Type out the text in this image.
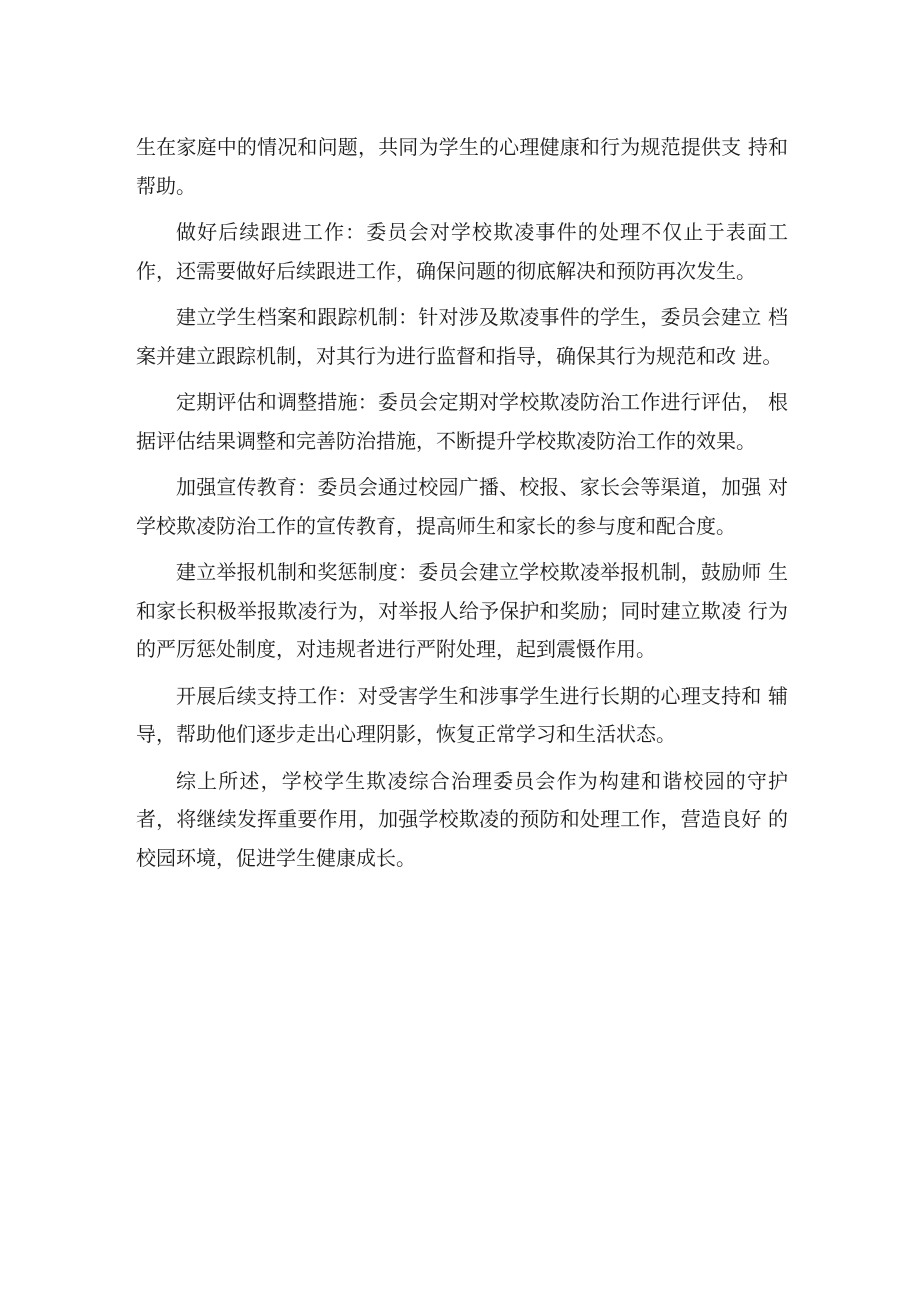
生在家庭中的情况和问题，共同为学生的心理健康和行为规范提供支 持和帮助。

做好后续跟进工作：委员会对学校欺凌事件的处理不仅止于表面工 作，还需要做好后续跟进工作，确保问题的彻底解决和预防再次发生。

建立学生档案和跟踪机制：针对涉及欺凌事件的学生，委员会建立 档案并建立跟踪机制，对其行为进行监督和指导，确保其行为规范和改 进。

定期评估和调整措施：委员会定期对学校欺凌防治工作进行评估， 根据评估结果调整和完善防治措施，不断提升学校欺凌防治工作的效果。

加强宣传教育：委员会通过校园广播、校报、家长会等渠道，加强 对学校欺凌防治工作的宣传教育，提高师生和家长的参与度和配合度。

建立举报机制和奖惩制度：委员会建立学校欺凌举报机制，鼓励师 生和家长积极举报欺凌行为，对举报人给予保护和奖励；同时建立欺凌 行为的严厉惩处制度，对违规者进行严附处理，起到震慑作用。

开展后续支持工作：对受害学生和涉事学生进行长期的心理支持和 辅导，帮助他们逐步走出心理阴影，恢复正常学习和生活状态。

综上所述，学校学生欺凌综合治理委员会作为构建和谐校园的守护 者，将继续发挥重要作用，加强学校欺凌的预防和处理工作，营造良好 的校园环境，促进学生健康成长。
